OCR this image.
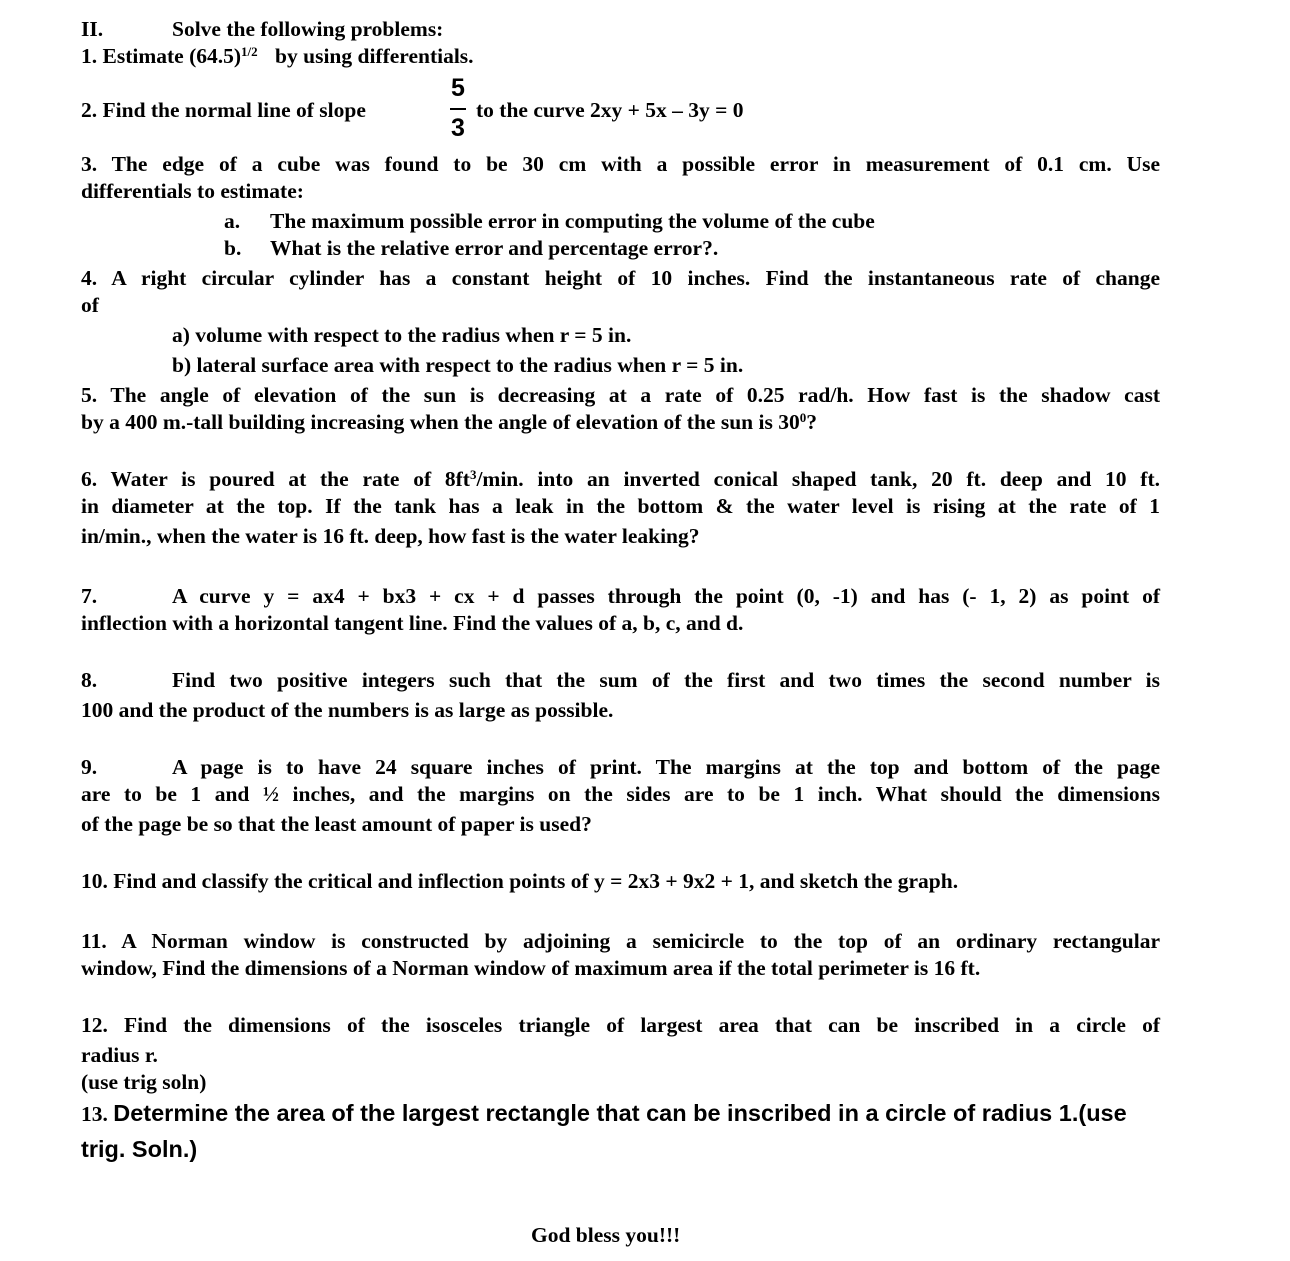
II.	Solve the following problems:
1. Estimate $(64.5)^{1/2}$ by using differentials.
2. Find the normal line of slope
5
3
to the curve 2xy + 5x – 3y = 0
3. The edge of a cube was found to be 30 cm with a possible error in measurement of 0.1 cm. Use
differentials to estimate:
a. The maximum possible error in computing the volume of the cube
b. What is the relative error and percentage error?.
4. A right circular cylinder has a constant height of 10 inches. Find the instantaneous rate of change
of
a) volume with respect to the radius when r = 5 in.
b) lateral surface area with respect to the radius when r = 5 in.
5. The angle of elevation of the sun is decreasing at a rate of 0.25 rad/h. How fast is the shadow cast
by a 400 m.-tall building increasing when the angle of elevation of the sun is $30^0$?
6. Water is poured at the rate of $8ft^3/\min$. into an inverted conical shaped tank, 20 ft. deep and 10 ft.
in diameter at the top. If the tank has a leak in the bottom & the water level is rising at the rate of 1
in/min., when the water is 16 ft. deep, how fast is the water leaking?
A curve y = ax4 + bx3 + cx + d passes through the point (0, -1) and has (- 1, 2) as point of
7.
inflection with a horizontal tangent line. Find the values of a, b, c, and d.
8.	Find two positive integers such that the sum of the first and two times the second number is
100 and the product of the numbers is as large as possible.
9.	A page is to have 24 square inches of print. The margins at the top and bottom of the page
are to be 1 and ½ inches, and the margins on the sides are to be 1 inch. What should the dimensions
of the page be so that the least amount of paper is used?
10. Find and classify the critical and inflection points of y = 2x3 + 9x2 + 1, and sketch the graph.
11. A Norman window is constructed by adjoining a semicircle to the top of an ordinary rectangular
window, Find the dimensions of a Norman window of maximum area if the total perimeter is 16 ft.
12. Find the dimensions of the isosceles triangle of largest area that can be inscribed in a circle of
radius r.
(use trig soln)
13. Determine the area of the largest rectangle that can be inscribed in a circle of radius 1.(use
trig. Soln.)
God bless you!!!
